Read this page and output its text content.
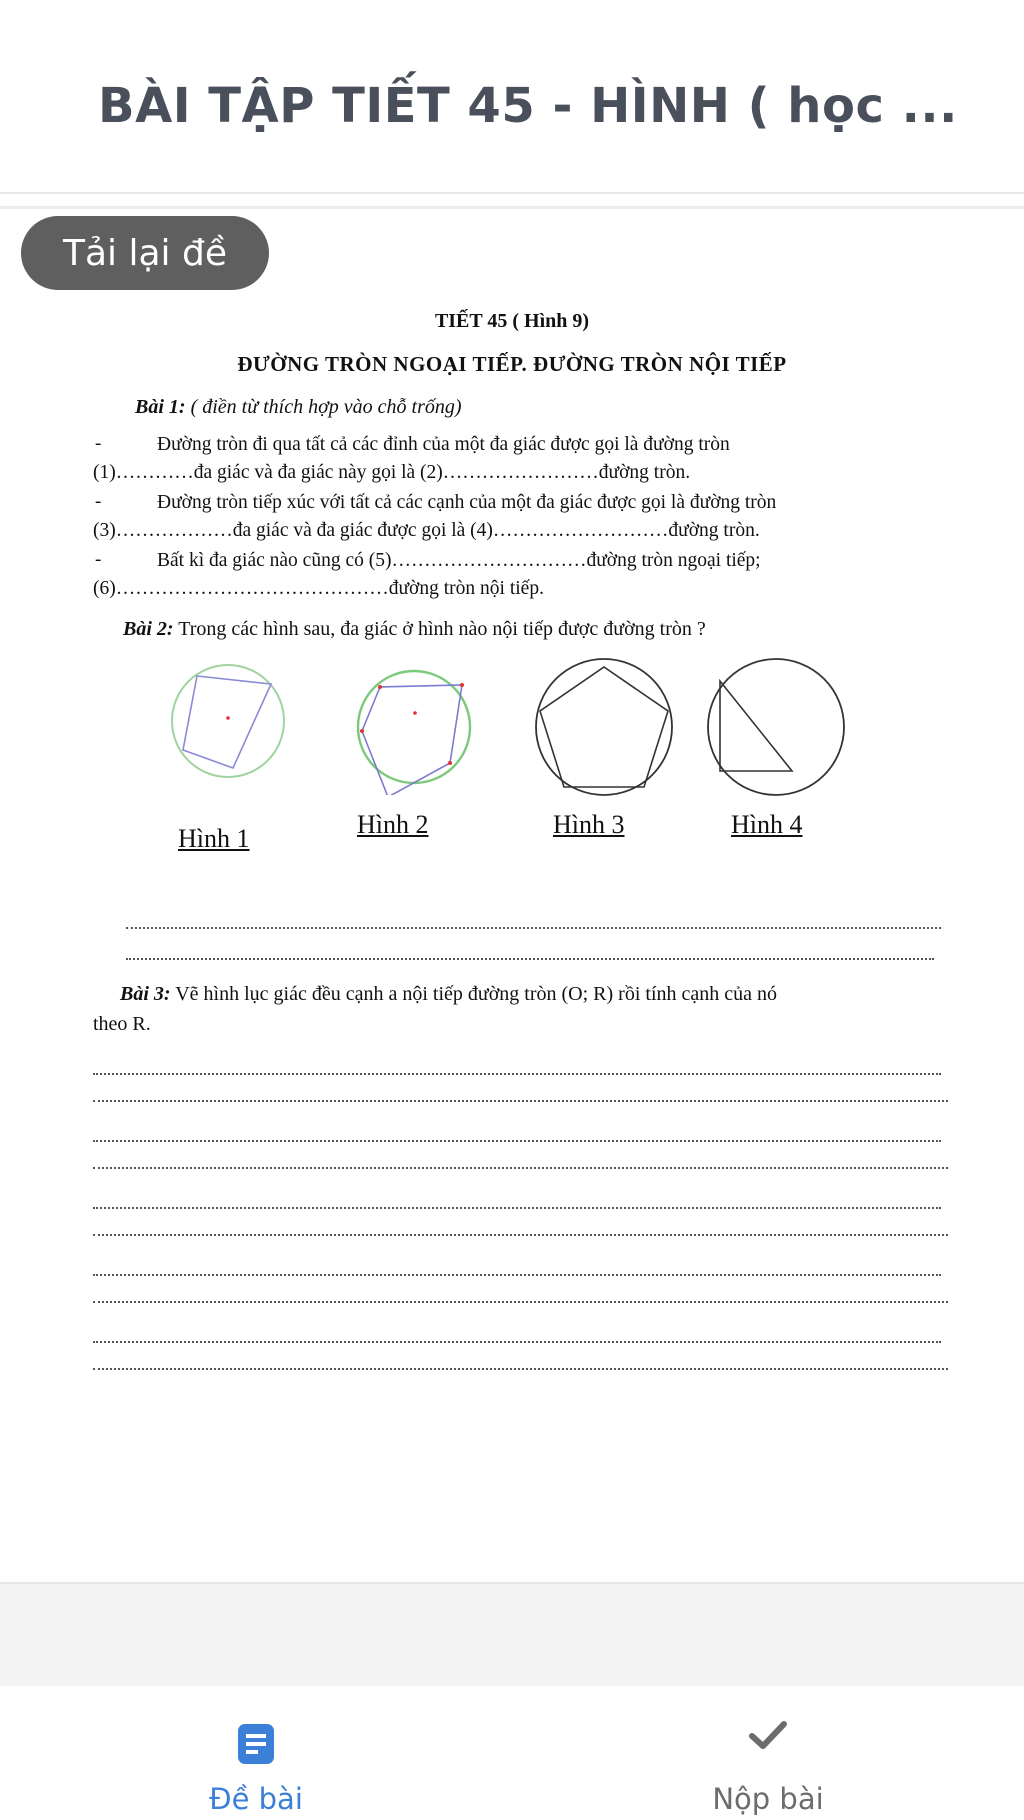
BÀI TẬP TIẾT 45 - HÌNH ( học ...
Tải lại đề
TIẾT 45 ( Hình 9)
ĐƯỜNG TRÒN NGOẠI TIẾP. ĐƯỜNG TRÒN NỘI TIẾP
Bài 1: ( điền từ thích hợp vào chỗ trống)
-	Đường tròn đi qua tất cả các đỉnh của một đa giác được gọi là đường tròn
(1)…………đa giác và đa giác này gọi là (2)……………………đường tròn.
-	Đường tròn tiếp xúc với tất cả các cạnh của một đa giác được gọi là đường tròn
(3)………………đa giác và đa giác được gọi là (4)………………………đường tròn.
-	Bất kì đa giác nào cũng có (5)…………………………đường tròn ngoại tiếp;
(6)……………………………………đường tròn nội tiếp.
Bài 2: Trong các hình sau, đa giác ở hình nào nội tiếp được đường tròn ?
Hình 1	Hình 2	Hình 3	Hình 4
Bài 3: Vẽ hình lục giác đều cạnh a nội tiếp đường tròn (O; R) rồi tính cạnh của nó
theo R.
Đề bài	Nộp bài
